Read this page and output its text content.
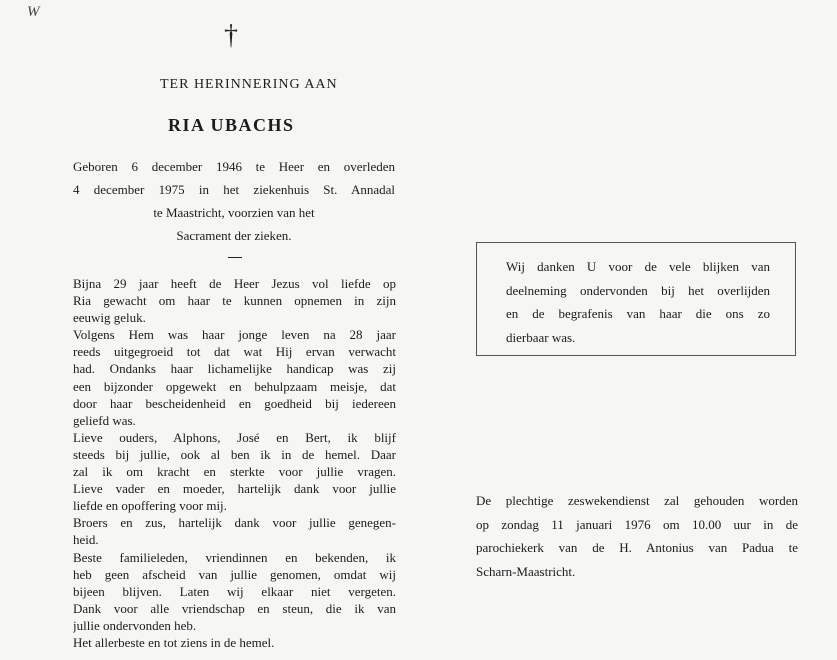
W
†
TER HERINNERING AAN
RIA UBACHS
Geboren 6 december 1946 te Heer en overleden
4 december 1975 in het ziekenhuis St. Annadal
te Maastricht, voorzien van het
Sacrament der zieken.
Bijna 29 jaar heeft de Heer Jezus vol liefde op
Ria gewacht om haar te kunnen opnemen in zijn
eeuwig geluk.
Volgens Hem was haar jonge leven na 28 jaar
reeds uitgegroeid tot dat wat Hij ervan verwacht
had. Ondanks haar lichamelijke handicap was zij
een bijzonder opgewekt en behulpzaam meisje, dat
door haar bescheidenheid en goedheid bij iedereen
geliefd was.
Lieve ouders, Alphons, José en Bert, ik blijf
steeds bij jullie, ook al ben ik in de hemel. Daar
zal ik om kracht en sterkte voor jullie vragen.
Lieve vader en moeder, hartelijk dank voor jullie
liefde en opoffering voor mij.
Broers en zus, hartelijk dank voor jullie genegen-
heid.
Beste familieleden, vriendinnen en bekenden, ik
heb geen afscheid van jullie genomen, omdat wij
bijeen blijven. Laten wij elkaar niet vergeten.
Dank voor alle vriendschap en steun, die ik van
jullie ondervonden heb.
Het allerbeste en tot ziens in de hemel.
Wij danken U voor de vele blijken van
deelneming ondervonden bij het overlijden
en de begrafenis van haar die ons zo
dierbaar was.
De plechtige zeswekendienst zal gehouden worden
op zondag 11 januari 1976 om 10.00 uur in de
parochiekerk van de H. Antonius van Padua te
Scharn-Maastricht.
